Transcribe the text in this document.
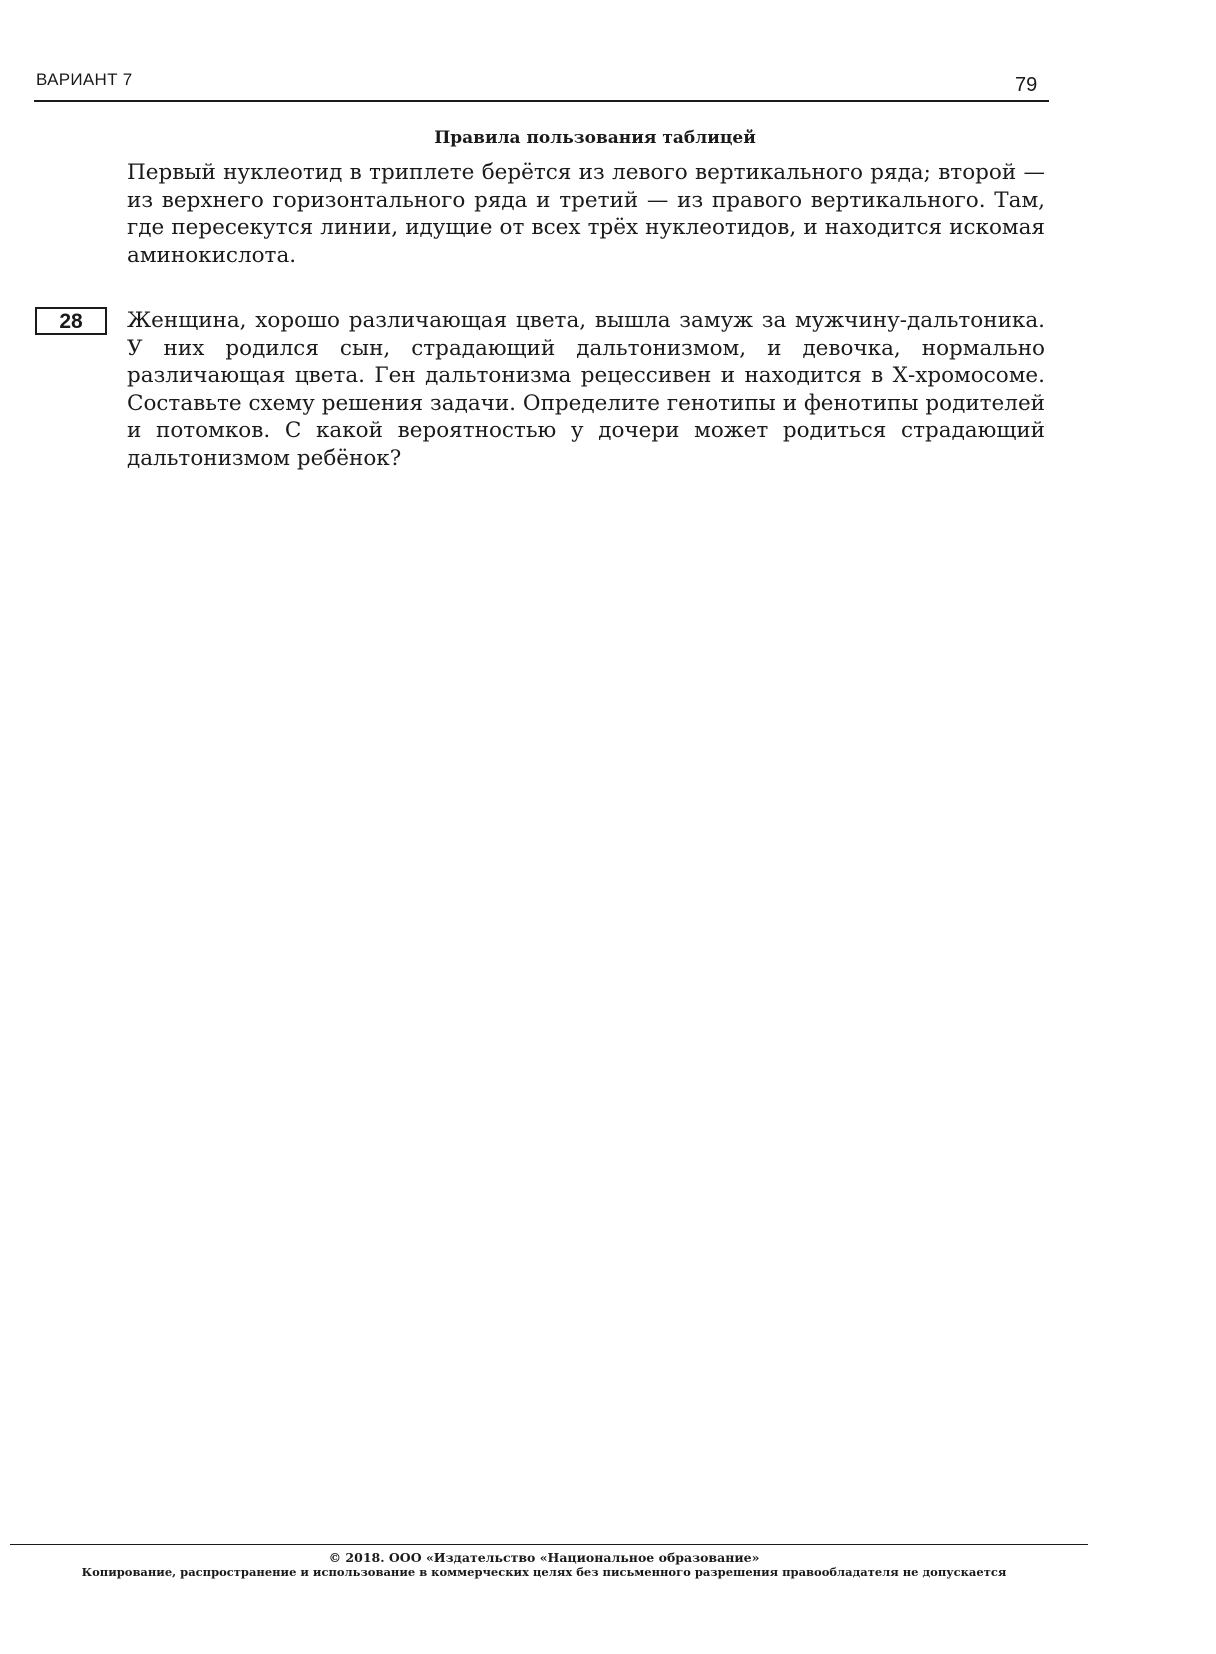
ВАРИАНТ 7	79
Правила пользования таблицей

Первый нуклеотид в триплете берётся из левого вертикального ряда; второй — из верхнего горизонтального ряда и третий — из правого вертикального. Там, где пересекутся линии, идущие от всех трёх нуклеотидов, и находится искомая аминокислота.

28	Женщина, хорошо различающая цвета, вышла замуж за мужчину-дальтоника. У них родился сын, страдающий дальтонизмом, и девочка, нормально различающая цвета. Ген дальтонизма рецессивен и находится в Х-хромосоме. Составьте схему решения задачи. Определите генотипы и фенотипы родителей и потомков. С какой вероятностью у дочери может родиться страдающий дальтонизмом ребёнок?

© 2018. ООО «Издательство «Национальное образование»
Копирование, распространение и использование в коммерческих целях без письменного разрешения правообладателя не допускается
